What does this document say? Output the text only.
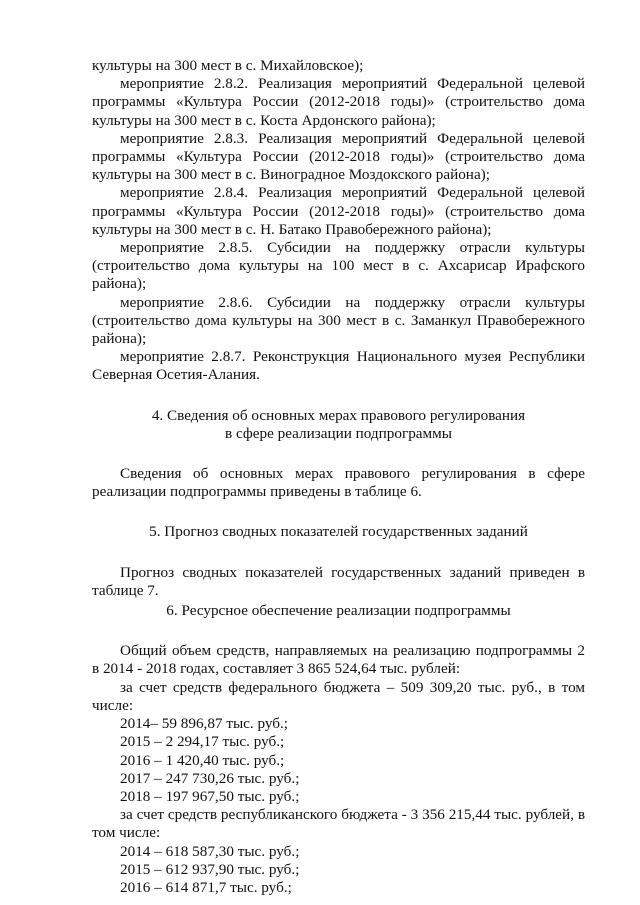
культуры на 300 мест в с. Михайловское);

мероприятие 2.8.2. Реализация мероприятий Федеральной целевой программы «Культура России (2012-2018 годы)» (строительство дома культуры на 300 мест в с. Коста Ардонского района);

мероприятие 2.8.3. Реализация мероприятий Федеральной целевой программы «Культура России (2012-2018 годы)» (строительство дома культуры на 300 мест в с. Виноградное Моздокского района);

мероприятие 2.8.4. Реализация мероприятий Федеральной целевой программы «Культура России (2012-2018 годы)» (строительство дома культуры на 300 мест в с. Н. Батако Правобережного района);

мероприятие 2.8.5. Субсидии на поддержку отрасли культуры (строительство дома культуры на 100 мест в с. Ахсарисар Ирафского района);

мероприятие 2.8.6. Субсидии на поддержку отрасли культуры (строительство дома культуры на 300 мест в с. Заманкул Правобережного района);

мероприятие 2.8.7. Реконструкция Национального музея Республики Северная Осетия-Алания.

4. Сведения об основных мерах правового регулирования

в сфере реализации подпрограммы

Сведения об основных мерах правового регулирования в сфере реализации подпрограммы приведены в таблице 6.

5. Прогноз сводных показателей государственных заданий

Прогноз сводных показателей государственных заданий приведен в таблице 7.

6. Ресурсное обеспечение реализации подпрограммы

Общий объем средств, направляемых на реализацию подпрограммы 2 в 2014 - 2018 годах, составляет 3 865 524,64 тыс. рублей:

за счет средств федерального бюджета – 509 309,20 тыс. руб., в том числе:

2014– 59 896,87 тыс. руб.;

2015 – 2 294,17 тыс. руб.;

2016 – 1 420,40 тыс. руб.;

2017 – 247 730,26 тыс. руб.;

2018 – 197 967,50 тыс. руб.;

за счет средств республиканского бюджета - 3 356 215,44 тыс. рублей, в том числе:

2014 – 618 587,30 тыс. руб.;

2015 – 612 937,90 тыс. руб.;

2016 – 614 871,7 тыс. руб.;
